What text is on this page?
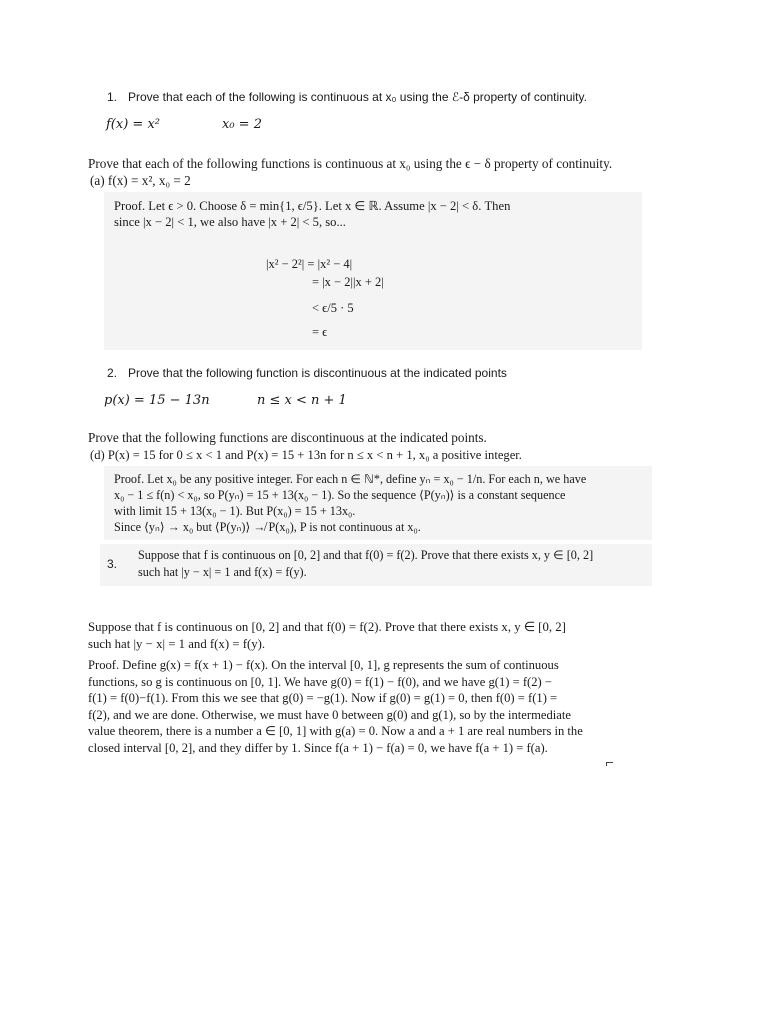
1. Prove that each of the following is continuous at x₀ using the ℰ-δ property of continuity.
f(x) = x²	x₀ = 2
Prove that each of the following functions is continuous at x₀ using the ϵ − δ property of continuity.
(a) f(x) = x², x₀ = 2
Proof. Let ϵ > 0. Choose δ = min{1, ϵ/5}. Let x ∈ ℝ. Assume |x − 2| < δ. Then
since |x − 2| < 1, we also have |x + 2| < 5, so...
|x² − 2²| = |x² − 4|
= |x − 2||x + 2|
< ϵ/5 · 5
= ϵ
2. Prove that the following function is discontinuous at the indicated points
p(x) = 15 − 13n	n ≤ x < n + 1
Prove that the following functions are discontinuous at the indicated points.
(d) P(x) = 15 for 0 ≤ x < 1 and P(x) = 15 + 13n for n ≤ x < n + 1, x₀ a positive integer.
Proof. Let x₀ be any positive integer. For each n ∈ ℕ*, define yₙ = x₀ − 1/n. For each n, we have
x₀ − 1 ≤ f(n) < x₀, so P(yₙ) = 15 + 13(x₀ − 1). So the sequence ⟨P(yₙ)⟩ is a constant sequence
with limit 15 + 13(x₀ − 1). But P(x₀) = 15 + 13x₀.
Since ⟨yₙ⟩ → x₀ but ⟨P(yₙ)⟩ ↛ P(x₀), P is not continuous at x₀.
3.
Suppose that f is continuous on [0, 2] and that f(0) = f(2). Prove that there exists x, y ∈ [0, 2]
such hat |y − x| = 1 and f(x) = f(y).
Suppose that f is continuous on [0, 2] and that f(0) = f(2). Prove that there exists x, y ∈ [0, 2]
such hat |y − x| = 1 and f(x) = f(y).
Proof. Define g(x) = f(x + 1) − f(x). On the interval [0, 1], g represents the sum of continuous
functions, so g is continuous on [0, 1]. We have g(0) = f(1) − f(0), and we have g(1) = f(2) −
f(1) = f(0)−f(1). From this we see that g(0) = −g(1). Now if g(0) = g(1) = 0, then f(0) = f(1) =
f(2), and we are done. Otherwise, we must have 0 between g(0) and g(1), so by the intermediate
value theorem, there is a number a ∈ [0, 1] with g(a) = 0. Now a and a + 1 are real numbers in the
closed interval [0, 2], and they differ by 1. Since f(a + 1) − f(a) = 0, we have f(a + 1) = f(a).
